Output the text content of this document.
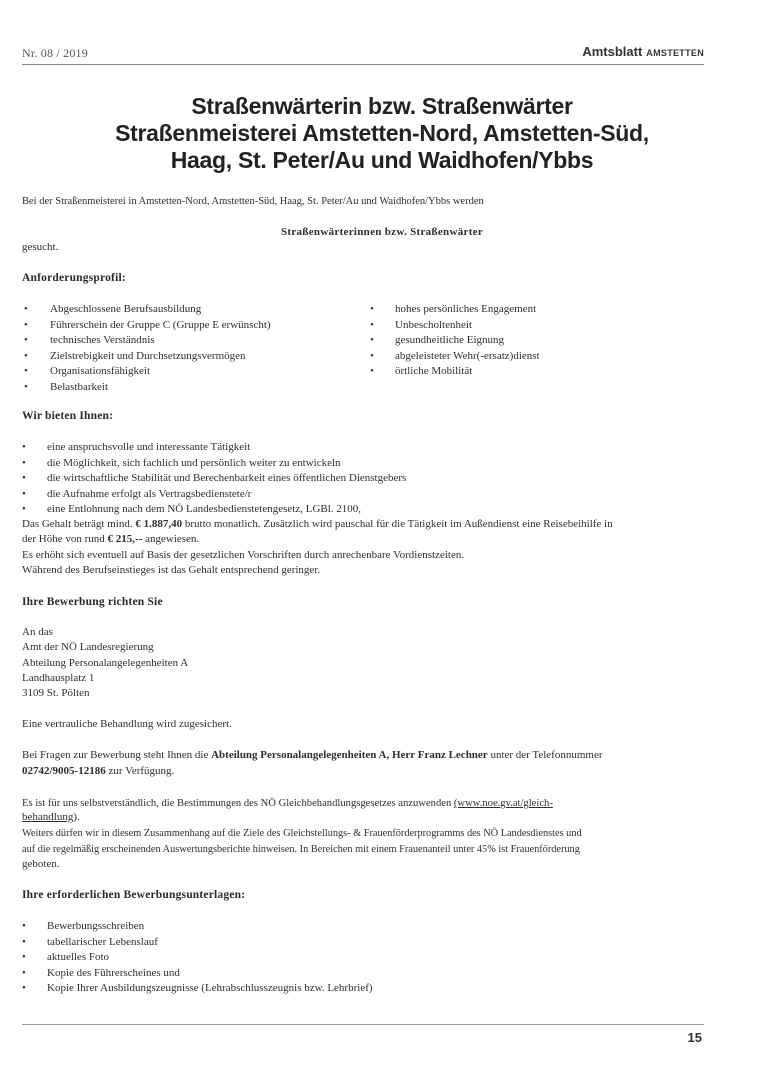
Nr. 08 / 2019	Amtsblatt AMSTETTEN
Straßenwärterin bzw. Straßenwärter
Straßenmeisterei Amstetten-Nord, Amstetten-Süd,
Haag, St. Peter/Au und Waidhofen/Ybbs
Bei der Straßenmeisterei in Amstetten-Nord, Amstetten-Süd, Haag, St. Peter/Au und Waidhofen/Ybbs werden
Straßenwärterinnen bzw. Straßenwärter
gesucht.
Anforderungsprofil:
• Abgeschlossene Berufsausbildung
• Führerschein der Gruppe C (Gruppe E erwünscht)
• technisches Verständnis
• Zielstrebigkeit und Durchsetzungsvermögen
• Organisationsfähigkeit
• Belastbarkeit
• hohes persönliches Engagement
• Unbescholtenheit
• gesundheitliche Eignung
• abgeleisteter Wehr(-ersatz)dienst
• örtliche Mobilität
Wir bieten Ihnen:
• eine anspruchsvolle und interessante Tätigkeit
• die Möglichkeit, sich fachlich und persönlich weiter zu entwickeln
• die wirtschaftliche Stabilität und Berechenbarkeit eines öffentlichen Dienstgebers
• die Aufnahme erfolgt als Vertragsbedienstete/r
• eine Entlohnung nach dem NÖ Landesbedienstetengesetz, LGBl. 2100,
Das Gehalt beträgt mind. € 1.887,40 brutto monatlich. Zusätzlich wird pauschal für die Tätigkeit im Außendienst eine Reisebeihilfe in
der Höhe von rund € 215,-- angewiesen.
Es erhöht sich eventuell auf Basis der gesetzlichen Vorschriften durch anrechenbare Vordienstzeiten.
Während des Berufseinstieges ist das Gehalt entsprechend geringer.
Ihre Bewerbung richten Sie
An das
Amt der NÖ Landesregierung
Abteilung Personalangelegenheiten A
Landhausplatz 1
3109 St. Pölten
Eine vertrauliche Behandlung wird zugesichert.
Bei Fragen zur Bewerbung steht Ihnen die Abteilung Personalangelegenheiten A, Herr Franz Lechner unter der Telefonnummer
02742/9005-12186 zur Verfügung.
Es ist für uns selbstverständlich, die Bestimmungen des NÖ Gleichbehandlungsgesetzes anzuwenden (www.noe.gv.at/gleich-
behandlung).
Weiters dürfen wir in diesem Zusammenhang auf die Ziele des Gleichstellungs- & Frauenförderprogramms des NÖ Landesdienstes und
auf die regelmäßig erscheinenden Auswertungsberichte hinweisen. In Bereichen mit einem Frauenanteil unter 45% ist Frauenförderung
geboten.
Ihre erforderlichen Bewerbungsunterlagen:
• Bewerbungsschreiben
• tabellarischer Lebenslauf
• aktuelles Foto
• Kopie des Führerscheines und
• Kopie Ihrer Ausbildungszeugnisse (Lehrabschlusszeugnis bzw. Lehrbrief)
15
